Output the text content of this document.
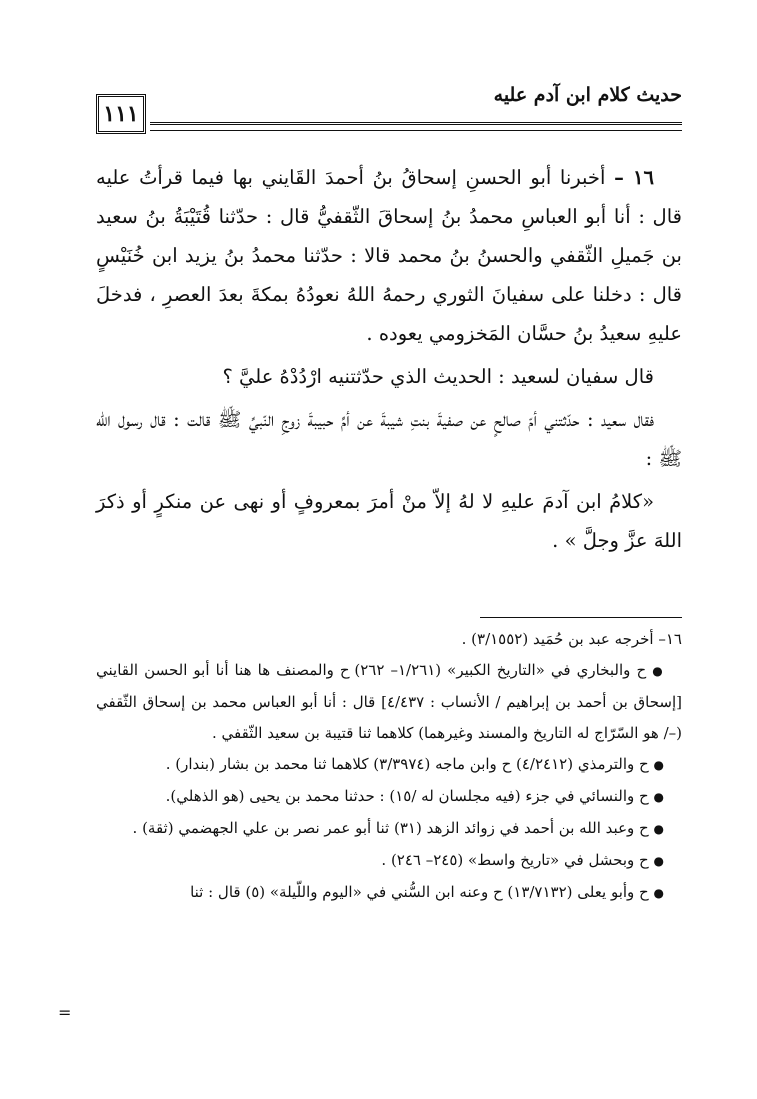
١١١
حديث كلام ابن آدم عليه

١٦ – أخبرنا أبو الحسنِ إسحاقُ بنُ أحمدَ القَايني بها فيما قرأتُ عليه قال : أنا أبو العباسِ محمدُ بنُ إسحاقَ الثّقفيُّ قال : حدّثنا قُتَيْبَةُ بنُ سعيد بن جَميلِ الثّقفي والحسنُ بنُ محمد قالا : حدّثنا محمدُ بنُ يزيد ابن خُنَيْسٍ قال : دخلنا على سفيانَ الثوري رحمهُ اللهُ نعودُهُ بمكةَ بعدَ العصرِ ، فدخلَ عليهِ سعيدُ بنُ حسَّان المَخزومي يعوده .

قال سفيان لسعيد : الحديث الذي حدّثتنيه ارْدُدْهُ عليَّ ؟

فقال سعيد : حدّثتني أمّ صالحٍ عن صفيةَ بنتِ شيبةَ عن أمِّ حبيبةَ زوجِ النّبيِّ ﷺ قالت : قال رسول الله ﷺ :

«كلامُ ابن آدمَ عليهِ لا لهُ إلاّ منْ أمرَ بمعروفٍ أو نهى عن منكرٍ أو ذكرَ اللهَ عزَّ وجلَّ » .

١٦– أخرجه عبد بن حُمَيد (٣/١٥٥٢) .

● ح والبخاري في «التاريخ الكبير» (١/٢٦١– ٢٦٢) ح والمصنف ها هنا أنا أبو الحسن القايني [إسحاق بن أحمد بن إبراهيم / الأنساب : ٤/٤٣٧] قال : أنا أبو العباس محمد بن إسحاق الثّقفي (–/ هو السّرّاج له التاريخ والمسند وغيرهما) كلاهما ثنا قتيبة بن سعيد الثّقفي .

● ح والترمذي (٤/٢٤١٢) ح وابن ماجه (٣/٣٩٧٤) كلاهما ثنا محمد بن بشار (بندار) .

● ح والنسائي في جزء (فيه مجلسان له /١٥) : حدثنا محمد بن يحيى (هو الذهلي).

● ح وعبد الله بن أحمد في زوائد الزهد (٣١) ثنا أبو عمر نصر بن علي الجهضمي (ثقة) .

● ح وبحشل في «تاريخ واسط» (٢٤٥– ٢٤٦) .

● ح وأبو يعلى (١٣/٧١٣٢) ح وعنه ابن السُّني في «اليوم واللّيلة» (٥) قال : ثنا

=
